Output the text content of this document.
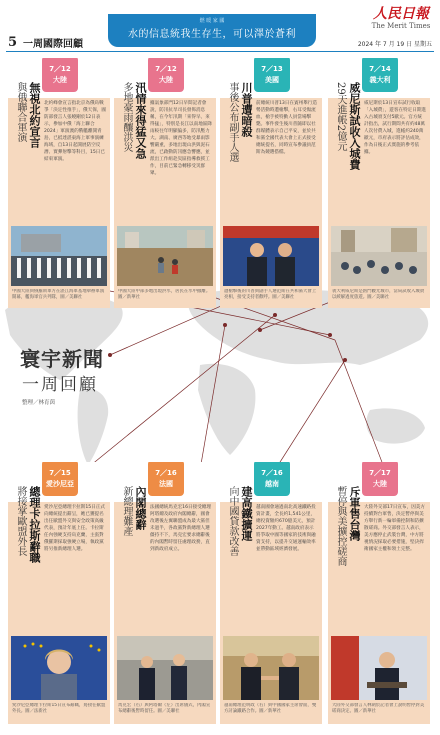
5 一周國際回顧
燃 暖 家 國
水的信息統我生存生，可以澤於蒼利
人民日報
The Merit Times
2024 年 7 月 19 日 星期五
寰宇新聞
一周回顧
整理／林育茵
7／12
大陸
無視北約宣言
與俄聯合軍演	北約峰會宣言指北京為俄烏戰爭「決定性推手」，俄天保，國防部發言人張曉剛於12日表示，參加中俄「海上聯合2024」軍演澳的俄艦離開青島，已抵達湛東海上軍事演練海域，自13日起開展防空反潛、實彈射擊等科目，15日已結束軍演。
中國大陸與俄羅斯軍方在湛江海軍基地舉辦軍演開幕，艦海軍官兵列隊，圖／美聯社
7／12
大陸
汛情來得猛又急
多地豪雨釀洪災	據氣象部門12日早間記者會說，防汛抗旱司長發佈消息稱，在今年汛期「來得早、來得猛」，特別是長江以南地區降雨較往年明顯偏多，防汛壓力大。湖南、廣西等地受暴雨影響嚴重，多地出現山洪與泥石流，已啟動防汛應急響應，並派出工作組赴災區指導救援工作，目前已緊急轉移受災群眾。
中國大陸中部多地出現洪水，居民在水中撤離。圖／新華社
7／13
美國
川普遭暗殺
事後公布副手人選	前總統川普13日在賓州舉行造勢活動時遭槍擊，右耳受傷流血，槍手被特勤人員當場擊斃。事件發生後川普隨即以社群媒體表示自己平安，並於共和黨全國代表大會上正式接受總統提名，同時宣布參議員范斯為競選搭檔。
遭槍擊後的川普與副手人選范斯在共和黨大會上亮相，接受支持者歡呼。圖／美聯社
7／14
義大利
威尼斯試收入城費
29天進帳2億元	威尼斯於13日宣布試行收取「入城費」，遊客在特定日期進入古城須支付5歐元。官方統計指出，試行期間共有約48萬人次付費入城，進帳約240萬歐元，市府表示將評估成效，作為日後正式實施的參考依據。
義大利威尼斯是熱門觀光城市，當局試收入城費以緩解過度旅遊。圖／美聯社
7／15
愛沙尼亞
總理卡拉斯辭職
將接掌歐盟外長	愛沙尼亞總理卡拉斯15日正式向總統提出辭呈，她已獲提名出任歐盟外交與安全政策高級代表，預計年底上任。卡拉斯任內強硬支持烏克蘭，主張對俄羅斯採取強硬立場，執政黨將另推新總理人選。
愛沙尼亞總理卡拉斯15日宣布辭職，將接任歐盟外長。圖／法新社
7／16
法國
內閣總辭
新總理難產	法國總統馬克宏16日接受總理阿塔爾及政府內閣總辭，國會改選後左翼聯盟成為最大黨但未過半，各政黨對新總理人選僵持不下，馬克宏要求總辭後的內閣暫時留任處理政務，直到新政府成立。
馬克宏（右）與阿塔爾（左）出席儀式，內閣宣布總辭後暫時留任。圖／美聯社
7／16
越南
建高鐵擴運
向中國貸款改善	越南國會通過南北高速鐵路投資計畫，全長約1,541公里，總投資額約670億美元，預計2027年動工。越南政府表示將爭取中國等國家的技術與融資支持，以提升交通運輸效率並帶動區域經濟發展。
越南總理范明政（右）與中國國家主席會面，雙方討論鐵路合作。圖／新華社
7／17
大陸
斥軍售台灣
暫停與美擴控磋商	大陸外交部17日宣布，因美方持續對台軍售，決定暫停與美方舉行新一輪軍備控制和防擴散磋商。外交部發言人表示，美方應停止武裝台灣，中方將視情況採取必要措施，堅決捍衛國家主權和領土完整。
大陸外交部發言人林劍於記者會上說明暫停對美磋商決定。圖／新華社
